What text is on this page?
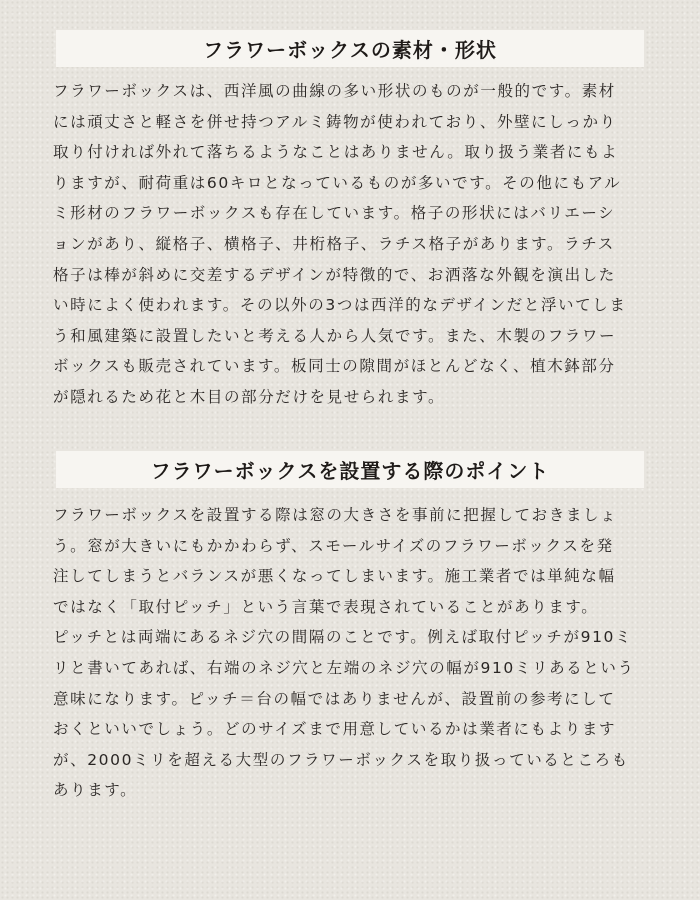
フラワーボックスの素材・形状

フラワーボックスは、西洋風の曲線の多い形状のものが一般的です。素材
には頑丈さと軽さを併せ持つアルミ鋳物が使われており、外壁にしっかり
取り付ければ外れて落ちるようなことはありません。取り扱う業者にもよ
りますが、耐荷重は60キロとなっているものが多いです。その他にもアル
ミ形材のフラワーボックスも存在しています。格子の形状にはバリエーシ
ョンがあり、縦格子、横格子、井桁格子、ラチス格子があります。ラチス
格子は棒が斜めに交差するデザインが特徴的で、お洒落な外観を演出した
い時によく使われます。その以外の3つは西洋的なデザインだと浮いてしま
う和風建築に設置したいと考える人から人気です。また、木製のフラワー
ボックスも販売されています。板同士の隙間がほとんどなく、植木鉢部分
が隠れるため花と木目の部分だけを見せられます。

フラワーボックスを設置する際のポイント

フラワーボックスを設置する際は窓の大きさを事前に把握しておきましょ
う。窓が大きいにもかかわらず、スモールサイズのフラワーボックスを発
注してしまうとバランスが悪くなってしまいます。施工業者では単純な幅
ではなく「取付ピッチ」という言葉で表現されていることがあります。
ピッチとは両端にあるネジ穴の間隔のことです。例えば取付ピッチが910ミ
リと書いてあれば、右端のネジ穴と左端のネジ穴の幅が910ミリあるという
意味になります。ピッチ＝台の幅ではありませんが、設置前の参考にして
おくといいでしょう。どのサイズまで用意しているかは業者にもよります
が、2000ミリを超える大型のフラワーボックスを取り扱っているところも
あります。
